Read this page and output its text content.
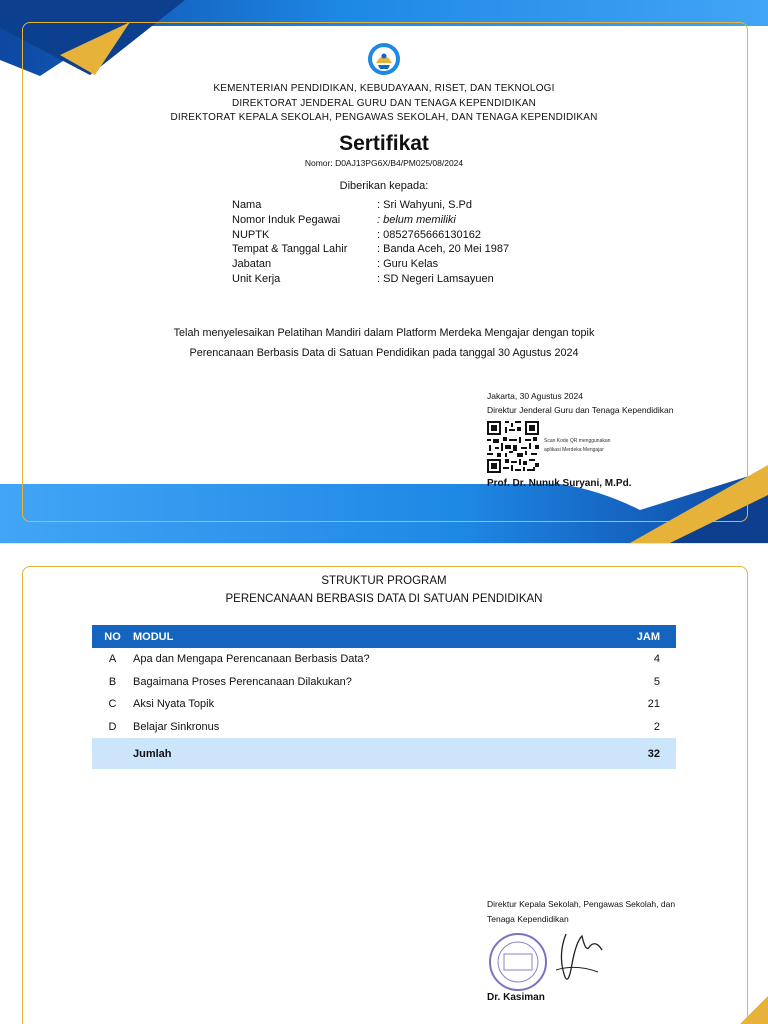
KEMENTERIAN PENDIDIKAN, KEBUDAYAAN, RISET, DAN TEKNOLOGI
DIREKTORAT JENDERAL GURU DAN TENAGA KEPENDIDIKAN
DIREKTORAT KEPALA SEKOLAH, PENGAWAS SEKOLAH, DAN TENAGA KEPENDIDIKAN
Sertifikat
Nomor: D0AJ13PG6X/B4/PM025/08/2024
Diberikan kepada:
Nama	: Sri Wahyuni, S.Pd
Nomor Induk Pegawai	: belum memiliki
NUPTK	: 0852765666130162
Tempat & Tanggal Lahir	: Banda Aceh, 20 Mei 1987
Jabatan	: Guru Kelas
Unit Kerja	: SD Negeri Lamsayuen
Telah menyelesaikan Pelatihan Mandiri dalam Platform Merdeka Mengajar dengan topik
Perencanaan Berbasis Data di Satuan Pendidikan pada tanggal 30 Agustus 2024
Jakarta, 30 Agustus 2024
Direktur Jenderal Guru dan Tenaga Kependidikan
Scan Kode QR menggunakan
aplikasi Merdeka Mengajar
Prof. Dr. Nunuk Suryani, M.Pd.
STRUKTUR PROGRAM
PERENCANAAN BERBASIS DATA DI SATUAN PENDIDIKAN
NO	MODUL	JAM
A	Apa dan Mengapa Perencanaan Berbasis Data?	4
B	Bagaimana Proses Perencanaan Dilakukan?	5
C	Aksi Nyata Topik	21
D	Belajar Sinkronus	2
	Jumlah	32
Direktur Kepala Sekolah, Pengawas Sekolah, dan
Tenaga Kependidikan
Dr. Kasiman
